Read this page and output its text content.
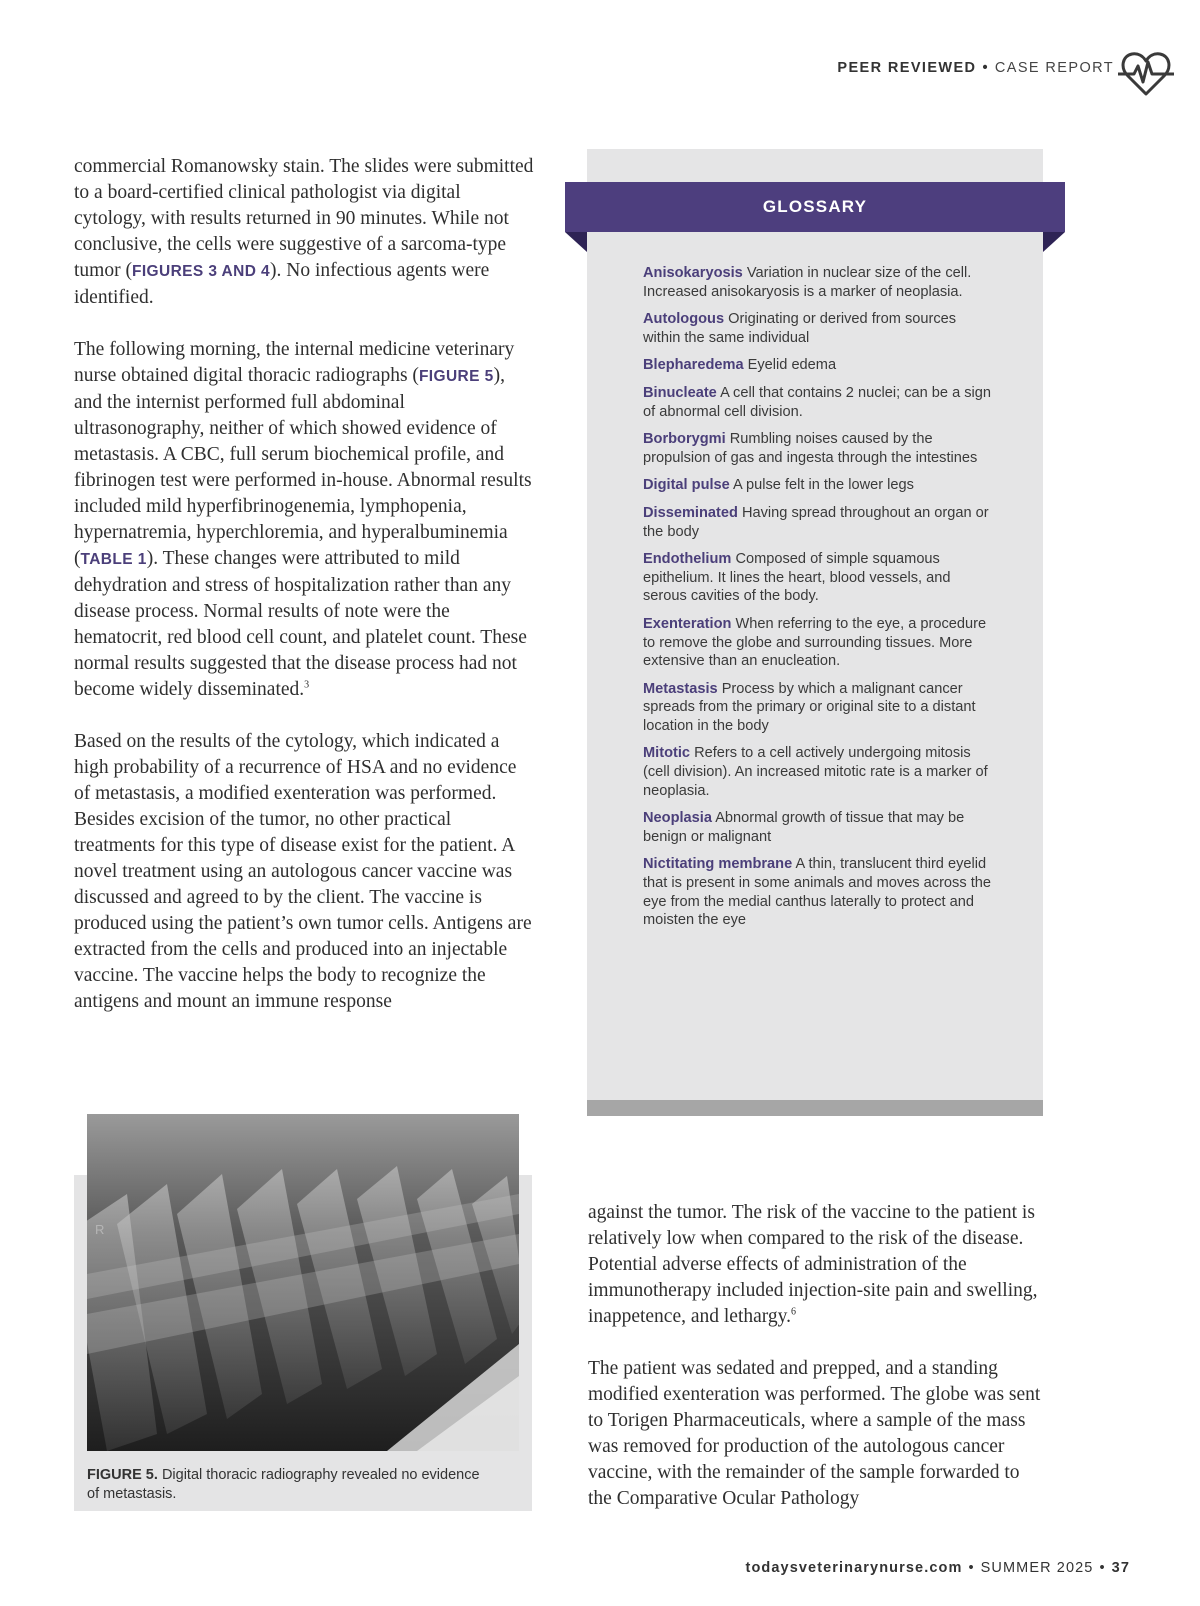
PEER REVIEWED • CASE REPORT

commercial Romanowsky stain. The slides were submitted to a board-certified clinical pathologist via digital cytology, with results returned in 90 minutes. While not conclusive, the cells were suggestive of a sarcoma-type tumor (FIGURES 3 AND 4). No infectious agents were identified.

The following morning, the internal medicine veterinary nurse obtained digital thoracic radiographs (FIGURE 5), and the internist performed full abdominal ultrasonography, neither of which showed evidence of metastasis. A CBC, full serum biochemical profile, and fibrinogen test were performed in-house. Abnormal results included mild hyperfibrinogenemia, lymphopenia, hypernatremia, hyperchloremia, and hyperalbuminemia (TABLE 1). These changes were attributed to mild dehydration and stress of hospitalization rather than any disease process. Normal results of note were the hematocrit, red blood cell count, and platelet count. These normal results suggested that the disease process had not become widely disseminated.$^3$

Based on the results of the cytology, which indicated a high probability of a recurrence of HSA and no evidence of metastasis, a modified exenteration was performed. Besides excision of the tumor, no other practical treatments for this type of disease exist for the patient. A novel treatment using an autologous cancer vaccine was discussed and agreed to by the client. The vaccine is produced using the patient’s own tumor cells. Antigens are extracted from the cells and produced into an injectable vaccine. The vaccine helps the body to recognize the antigens and mount an immune response

GLOSSARY
Anisokaryosis Variation in nuclear size of the cell. Increased anisokaryosis is a marker of neoplasia.
Autologous Originating or derived from sources within the same individual
Blepharedema Eyelid edema
Binucleate A cell that contains 2 nuclei; can be a sign of abnormal cell division.
Borborygmi Rumbling noises caused by the propulsion of gas and ingesta through the intestines
Digital pulse A pulse felt in the lower legs
Disseminated Having spread throughout an organ or the body
Endothelium Composed of simple squamous epithelium. It lines the heart, blood vessels, and serous cavities of the body.
Exenteration When referring to the eye, a procedure to remove the globe and surrounding tissues. More extensive than an enucleation.
Metastasis Process by which a malignant cancer spreads from the primary or original site to a distant location in the body
Mitotic Refers to a cell actively undergoing mitosis (cell division). An increased mitotic rate is a marker of neoplasia.
Neoplasia Abnormal growth of tissue that may be benign or malignant
Nictitating membrane A thin, translucent third eyelid that is present in some animals and moves across the eye from the medial canthus laterally to protect and moisten the eye
R
FIGURE 5. Digital thoracic radiography revealed no evidence of metastasis.

against the tumor. The risk of the vaccine to the patient is relatively low when compared to the risk of the disease. Potential adverse effects of administration of the immunotherapy included injection-site pain and swelling, inappetence, and lethargy.$^6$

The patient was sedated and prepped, and a standing modified exenteration was performed. The globe was sent to Torigen Pharmaceuticals, where a sample of the mass was removed for production of the autologous cancer vaccine, with the remainder of the sample forwarded to the Comparative Ocular Pathology

todaysveterinarynurse.com • SUMMER 2025 • 37
